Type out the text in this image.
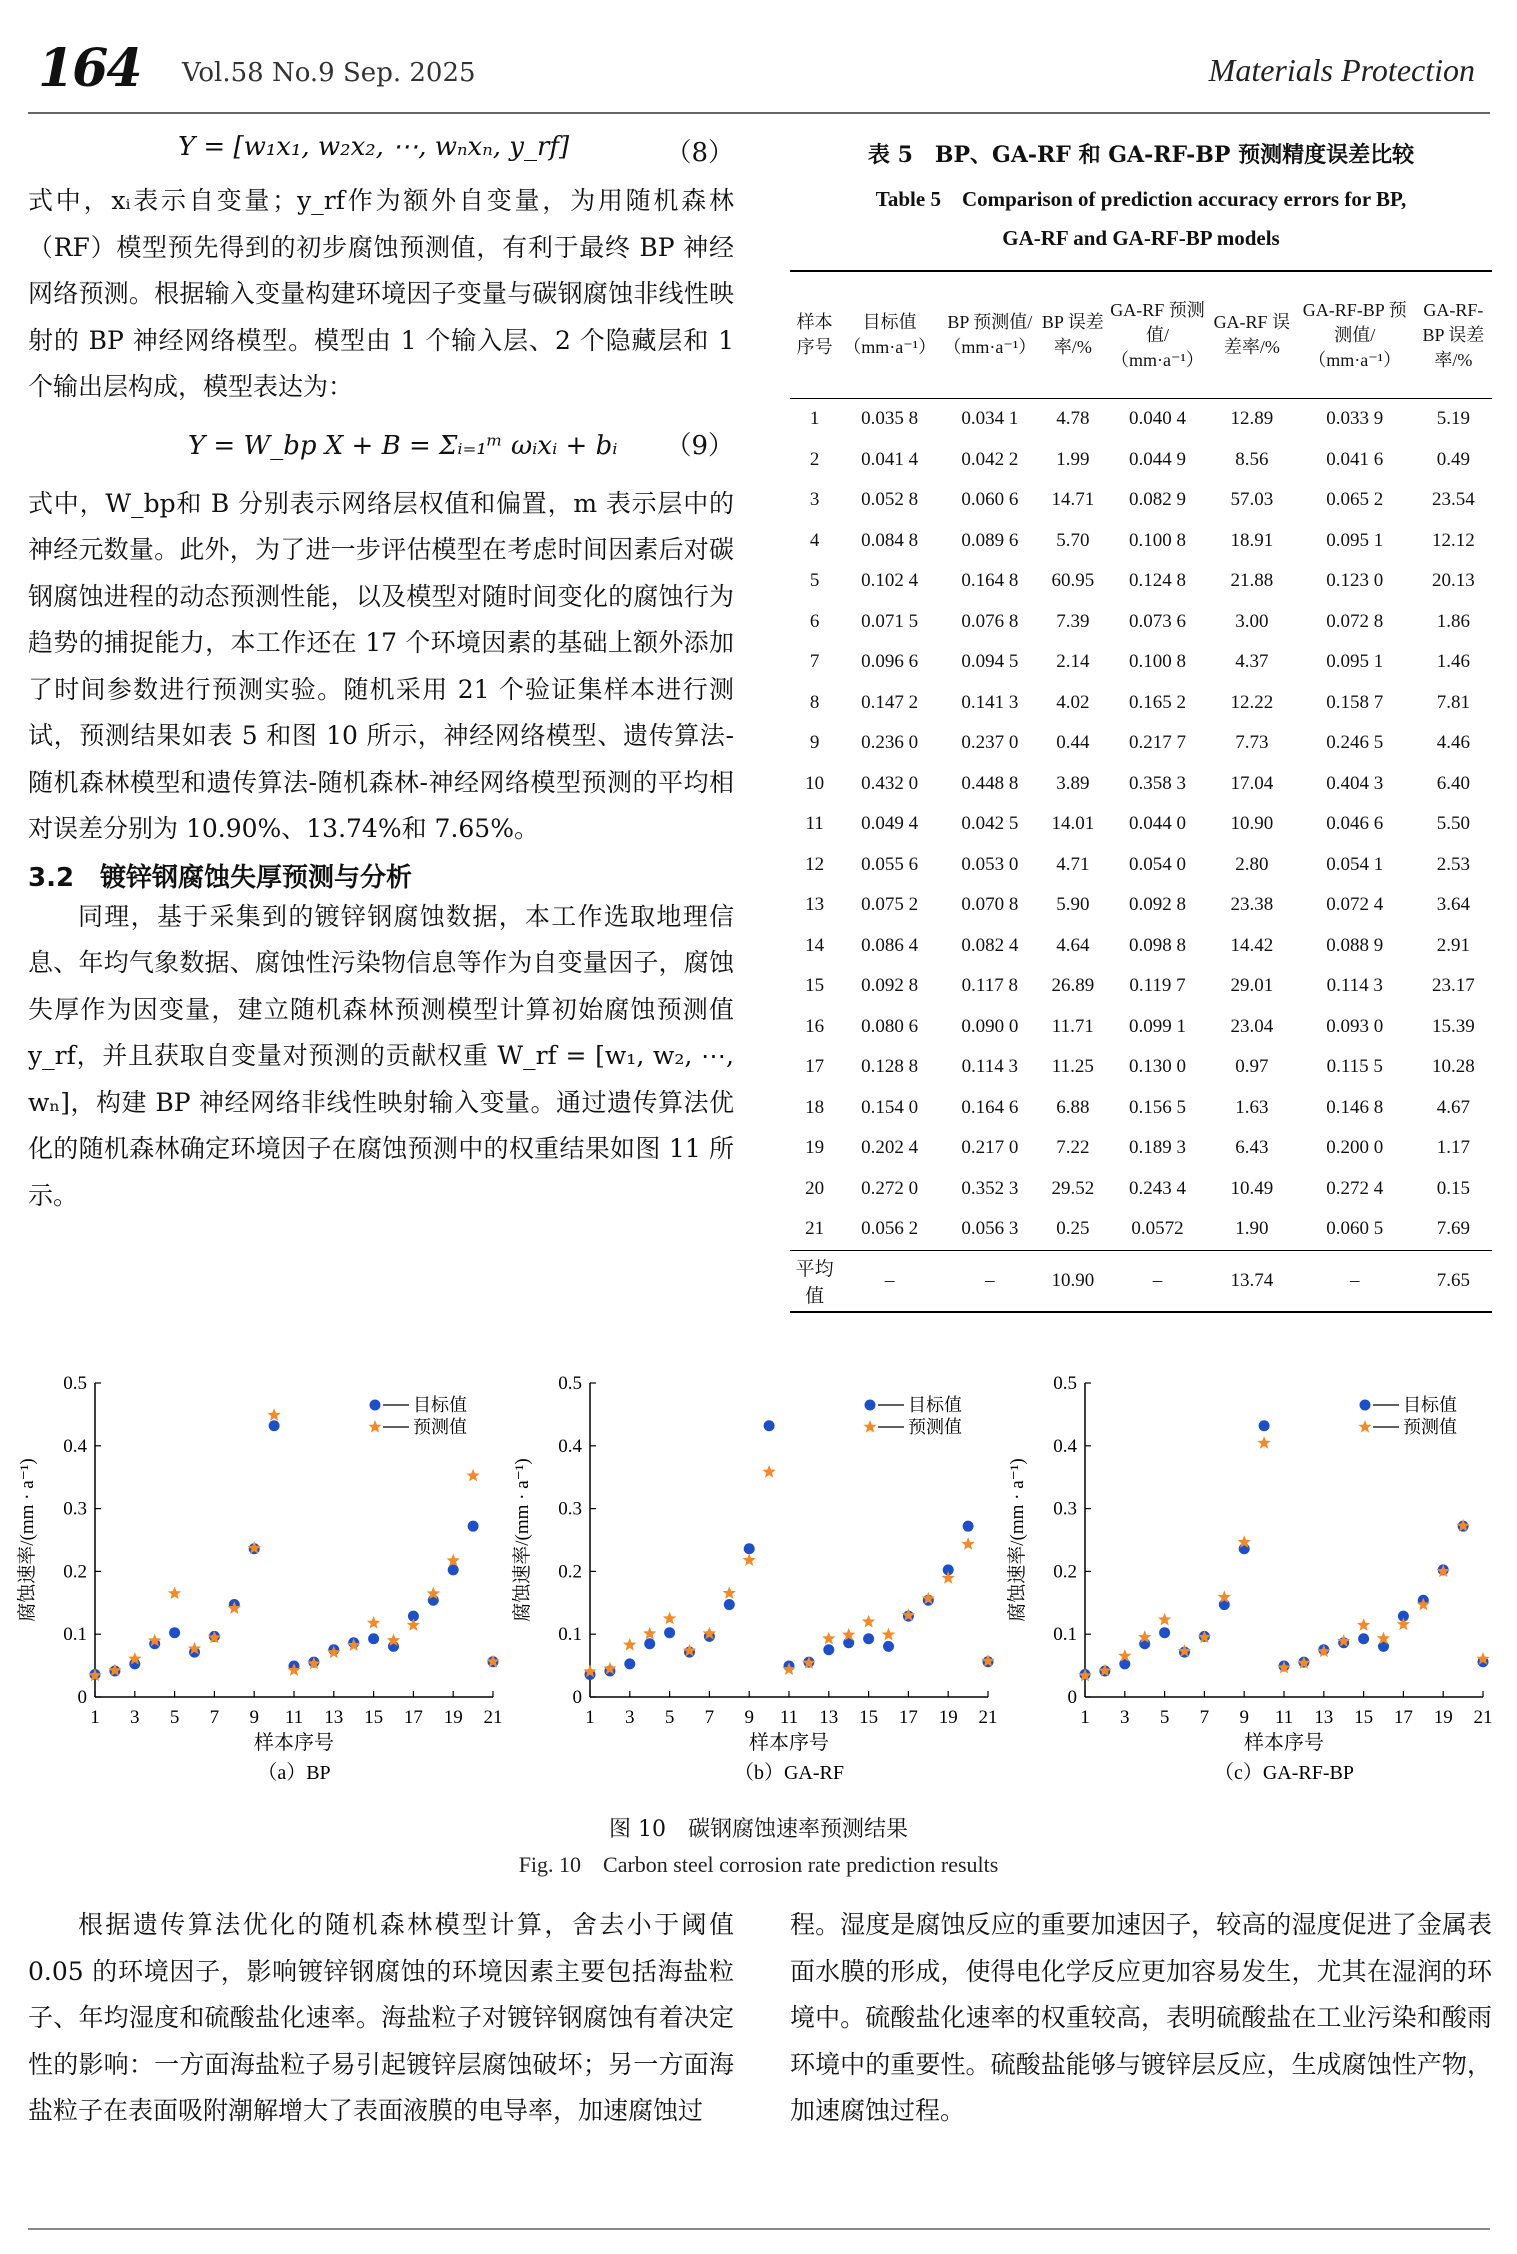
164 Vol.58 No.9 Sep. 2025	Materials Protection
Y = [w₁x₁, w₂x₂, ⋯, wₙxₙ, y_rf]	（8）

式中，xᵢ表示自变量；y_rf作为额外自变量，为用随机森林（RF）模型预先得到的初步腐蚀预测值，有利于最终 BP 神经网络预测。根据输入变量构建环境因子变量与碳钢腐蚀非线性映射的 BP 神经网络模型。模型由 1 个输入层、2 个隐藏层和 1 个输出层构成，模型表达为：

Y = W_bp X + B = Σᵢ₌₁ᵐ ωᵢxᵢ + bᵢ （9）

式中，W_bp和 B 分别表示网络层权值和偏置，m 表示层中的神经元数量。此外，为了进一步评估模型在考虑时间因素后对碳钢腐蚀进程的动态预测性能，以及模型对随时间变化的腐蚀行为趋势的捕捉能力，本工作还在 17 个环境因素的基础上额外添加了时间参数进行预测实验。随机采用 21 个验证集样本进行测试，预测结果如表 5 和图 10 所示，神经网络模型、遗传算法-随机森林模型和遗传算法-随机森林-神经网络模型预测的平均相对误差分别为 10.90%、13.74%和 7.65%。

3.2　镀锌钢腐蚀失厚预测与分析

同理，基于采集到的镀锌钢腐蚀数据，本工作选取地理信息、年均气象数据、腐蚀性污染物信息等作为自变量因子，腐蚀失厚作为因变量，建立随机森林预测模型计算初始腐蚀预测值 y_rf，并且获取自变量对预测的贡献权重 W_rf = [w₁, w₂, ⋯, wₙ]，构建 BP 神经网络非线性映射输入变量。通过遗传算法优化的随机森林确定环境因子在腐蚀预测中的权重结果如图 11 所示。

表 5　BP、GA-RF 和 GA-RF-BP 预测精度误差比较
Table 5　Comparison of prediction accuracy errors for BP,
GA-RF and GA-RF-BP models
样本序号	目标值（mm·a⁻¹）	BP 预测值/（mm·a⁻¹）	BP 误差率/%	GA-RF 预测值/（mm·a⁻¹）	GA-RF 误差率/%	GA-RF-BP 预测值/（mm·a⁻¹）	GA-RF-BP 误差率/%
1	0.035 8	0.034 1	4.78	0.040 4	12.89	0.033 9	5.19
2	0.041 4	0.042 2	1.99	0.044 9	8.56	0.041 6	0.49
3	0.052 8	0.060 6	14.71	0.082 9	57.03	0.065 2	23.54
4	0.084 8	0.089 6	5.70	0.100 8	18.91	0.095 1	12.12
5	0.102 4	0.164 8	60.95	0.124 8	21.88	0.123 0	20.13
6	0.071 5	0.076 8	7.39	0.073 6	3.00	0.072 8	1.86
7	0.096 6	0.094 5	2.14	0.100 8	4.37	0.095 1	1.46
8	0.147 2	0.141 3	4.02	0.165 2	12.22	0.158 7	7.81
9	0.236 0	0.237 0	0.44	0.217 7	7.73	0.246 5	4.46
10	0.432 0	0.448 8	3.89	0.358 3	17.04	0.404 3	6.40
11	0.049 4	0.042 5	14.01	0.044 0	10.90	0.046 6	5.50
12	0.055 6	0.053 0	4.71	0.054 0	2.80	0.054 1	2.53
13	0.075 2	0.070 8	5.90	0.092 8	23.38	0.072 4	3.64
14	0.086 4	0.082 4	4.64	0.098 8	14.42	0.088 9	2.91
15	0.092 8	0.117 8	26.89	0.119 7	29.01	0.114 3	23.17
16	0.080 6	0.090 0	11.71	0.099 1	23.04	0.093 0	15.39
17	0.128 8	0.114 3	11.25	0.130 0	0.97	0.115 5	10.28
18	0.154 0	0.164 6	6.88	0.156 5	1.63	0.146 8	4.67
19	0.202 4	0.217 0	7.22	0.189 3	6.43	0.200 0	1.17
20	0.272 0	0.352 3	29.52	0.243 4	10.49	0.272 4	0.15
21	0.056 2	0.056 3	0.25	0.0572	1.90	0.060 5	7.69
平均值	–	–	10.90	–	13.74	–	7.65
0
0.1
0.2
0.3
0.4
0.5
1 3 5 7 9 11 13 15 17 19 21
样本序号
腐蚀速率/(mm · a⁻¹)
（a）BP
目标值
预测值
0
0.1
0.2
0.3
0.4
0.5
1 3 5 7 9 11 13 15 17 19 21
样本序号
腐蚀速率/(mm · a⁻¹)
（b）GA-RF
目标值
预测值
0
0.1
0.2
0.3
0.4
0.5
1 3 5 7 9 11 13 15 17 19 21
样本序号
腐蚀速率/(mm · a⁻¹)
（c）GA-RF-BP
目标值
预测值
图 10　碳钢腐蚀速率预测结果
Fig. 10　Carbon steel corrosion rate prediction results

根据遗传算法优化的随机森林模型计算，舍去小于阈值 0.05 的环境因子，影响镀锌钢腐蚀的环境因素主要包括海盐粒子、年均湿度和硫酸盐化速率。海盐粒子对镀锌钢腐蚀有着决定性的影响：一方面海盐粒子易引起镀锌层腐蚀破坏；另一方面海盐粒子在表面吸附潮解增大了表面液膜的电导率，加速腐蚀过

程。湿度是腐蚀反应的重要加速因子，较高的湿度促进了金属表面水膜的形成，使得电化学反应更加容易发生，尤其在湿润的环境中。硫酸盐化速率的权重较高，表明硫酸盐在工业污染和酸雨环境中的重要性。硫酸盐能够与镀锌层反应，生成腐蚀性产物，加速腐蚀过程。
